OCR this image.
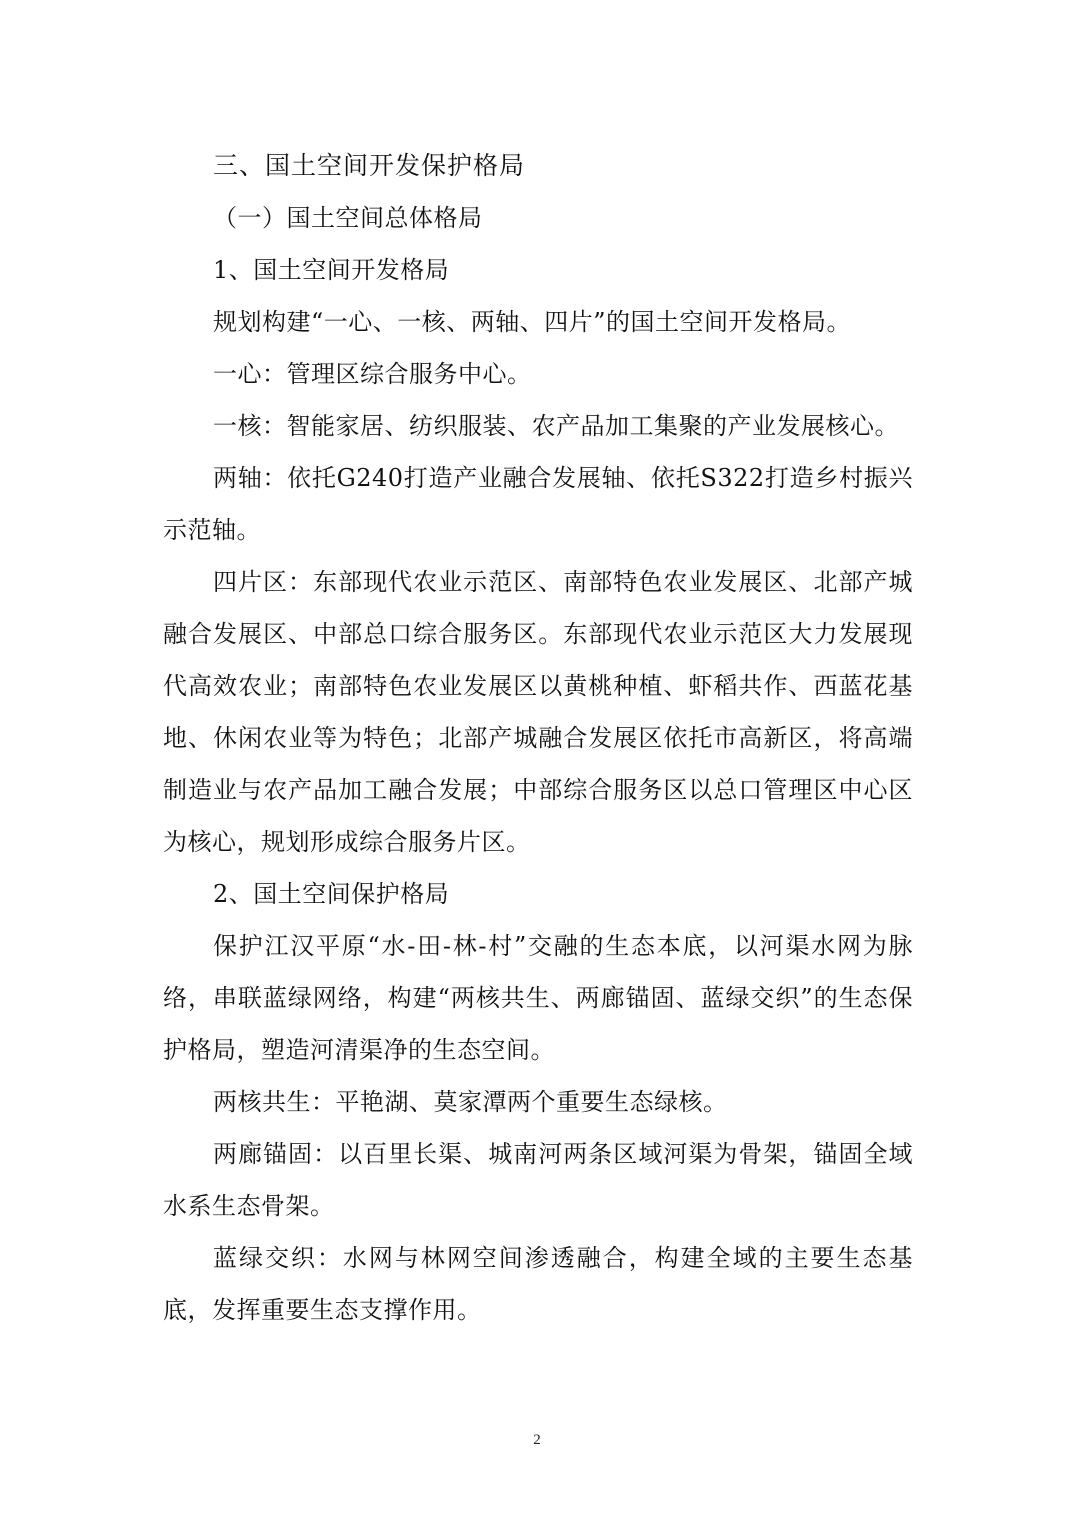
三、国土空间开发保护格局

（一）国土空间总体格局

1、国土空间开发格局

规划构建“一心、一核、两轴、四片”的国土空间开发格局。

一心：管理区综合服务中心。

一核：智能家居、纺织服装、农产品加工集聚的产业发展核心。

两轴：依托G240打造产业融合发展轴、依托S322打造乡村振兴示范轴。

四片区：东部现代农业示范区、南部特色农业发展区、北部产城融合发展区、中部总口综合服务区。东部现代农业示范区大力发展现代高效农业；南部特色农业发展区以黄桃种植、虾稻共作、西蓝花基地、休闲农业等为特色；北部产城融合发展区依托市高新区，将高端制造业与农产品加工融合发展；中部综合服务区以总口管理区中心区为核心，规划形成综合服务片区。

2、国土空间保护格局

保护江汉平原“水-田-林-村”交融的生态本底，以河渠水网为脉络，串联蓝绿网络，构建“两核共生、两廊锚固、蓝绿交织”的生态保护格局，塑造河清渠净的生态空间。

两核共生：平艳湖、莫家潭两个重要生态绿核。

两廊锚固：以百里长渠、城南河两条区域河渠为骨架，锚固全域水系生态骨架。

蓝绿交织：水网与林网空间渗透融合，构建全域的主要生态基底，发挥重要生态支撑作用。

2
